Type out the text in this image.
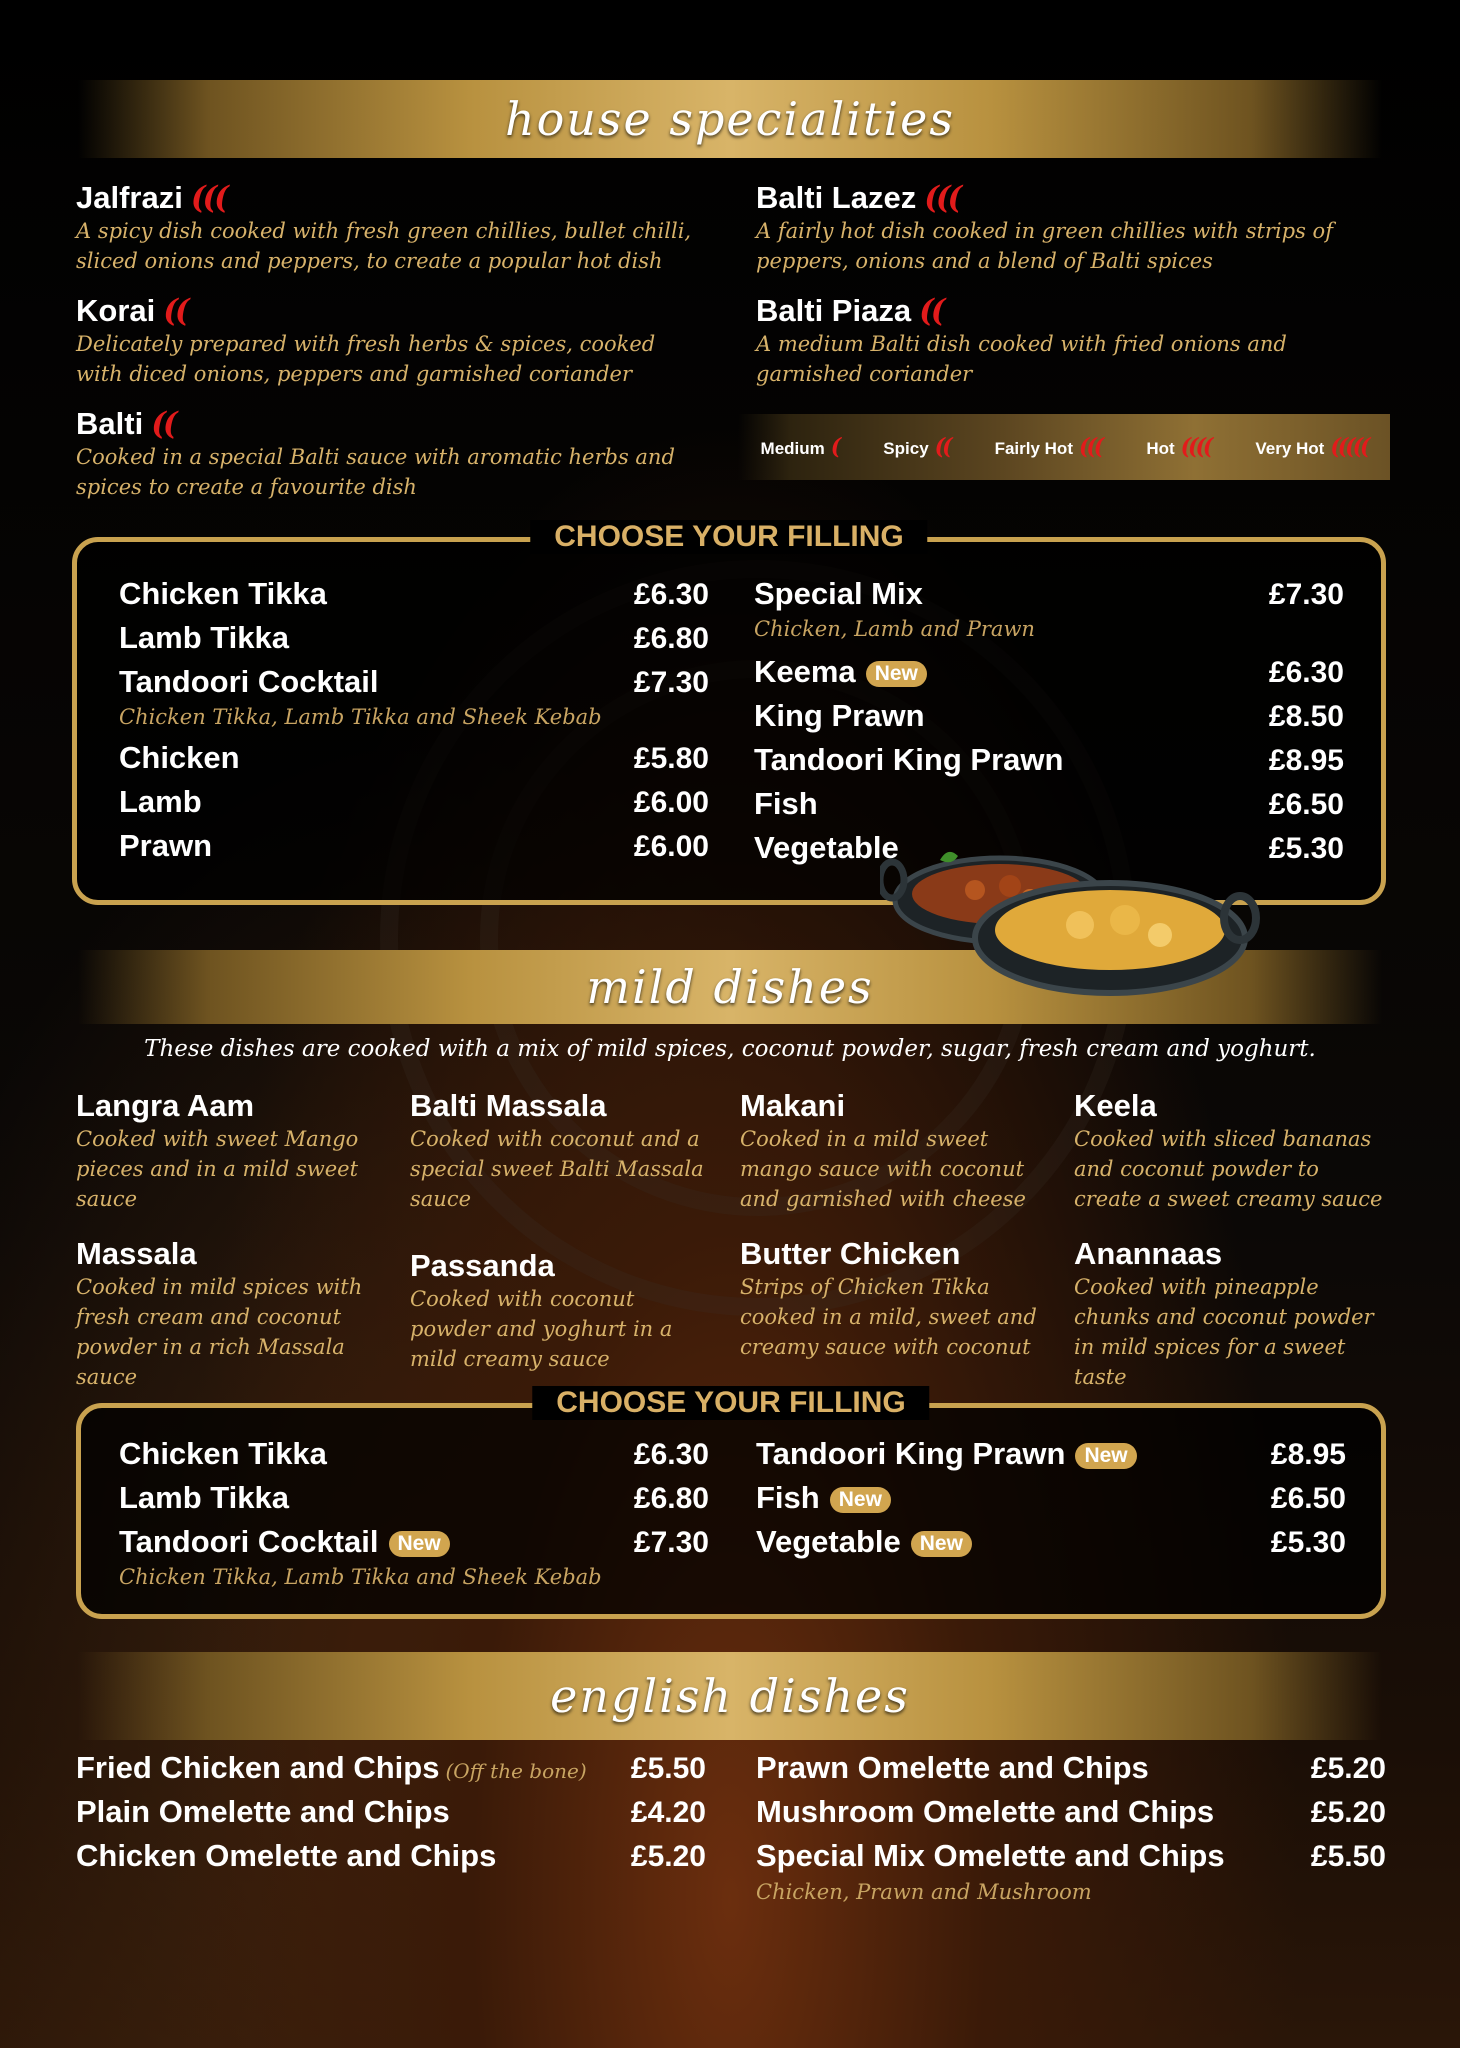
house specialities
Jalfrazi (((
A spicy dish cooked with fresh green chillies, bullet chilli, sliced onions and peppers, to create a popular hot dish
Korai ((
Delicately prepared with fresh herbs & spices, cooked with diced onions, peppers and garnished coriander
Balti ((
Cooked in a special Balti sauce with aromatic herbs and spices to create a favourite dish
Balti Lazez (((
A fairly hot dish cooked in green chillies with strips of peppers, onions and a blend of Balti spices
Balti Piaza ((
A medium Balti dish cooked with fried onions and garnished coriander
Medium (	Spicy ((	Fairly Hot (((	Hot ((((	Very Hot (((((
CHOOSE YOUR FILLING
Chicken Tikka	£6.30
Lamb Tikka	£6.80
Tandoori Cocktail	£7.30
Chicken Tikka, Lamb Tikka and Sheek Kebab
Chicken	£5.80
Lamb	£6.00
Prawn	£6.00
Special Mix	£7.30
Chicken, Lamb and Prawn
Keema New	£6.30
King Prawn	£8.50
Tandoori King Prawn	£8.95
Fish	£6.50
Vegetable	£5.30
mild dishes
These dishes are cooked with a mix of mild spices, coconut powder, sugar, fresh cream and yoghurt.
Langra Aam
Cooked with sweet Mango pieces and in a mild sweet sauce
Balti Massala
Cooked with coconut and a special sweet Balti Massala sauce
Makani
Cooked in a mild sweet mango sauce with coconut and garnished with cheese
Keela
Cooked with sliced bananas and coconut powder to create a sweet creamy sauce
Massala
Cooked in mild spices with fresh cream and coconut powder in a rich Massala sauce
Passanda
Cooked with coconut powder and yoghurt in a mild creamy sauce
Butter Chicken
Strips of Chicken Tikka cooked in a mild, sweet and creamy sauce with coconut
Anannaas
Cooked with pineapple chunks and coconut powder in mild spices for a sweet taste
CHOOSE YOUR FILLING
Chicken Tikka	£6.30
Lamb Tikka	£6.80
Tandoori Cocktail New	£7.30
Chicken Tikka, Lamb Tikka and Sheek Kebab
Tandoori King Prawn New	£8.95
Fish New	£6.50
Vegetable New	£5.30
english dishes
Fried Chicken and Chips (Off the bone) £5.50
Plain Omelette and Chips	£4.20
Chicken Omelette and Chips	£5.20
Prawn Omelette and Chips	£5.20
Mushroom Omelette and Chips	£5.20
Special Mix Omelette and Chips	£5.50
Chicken, Prawn and Mushroom
